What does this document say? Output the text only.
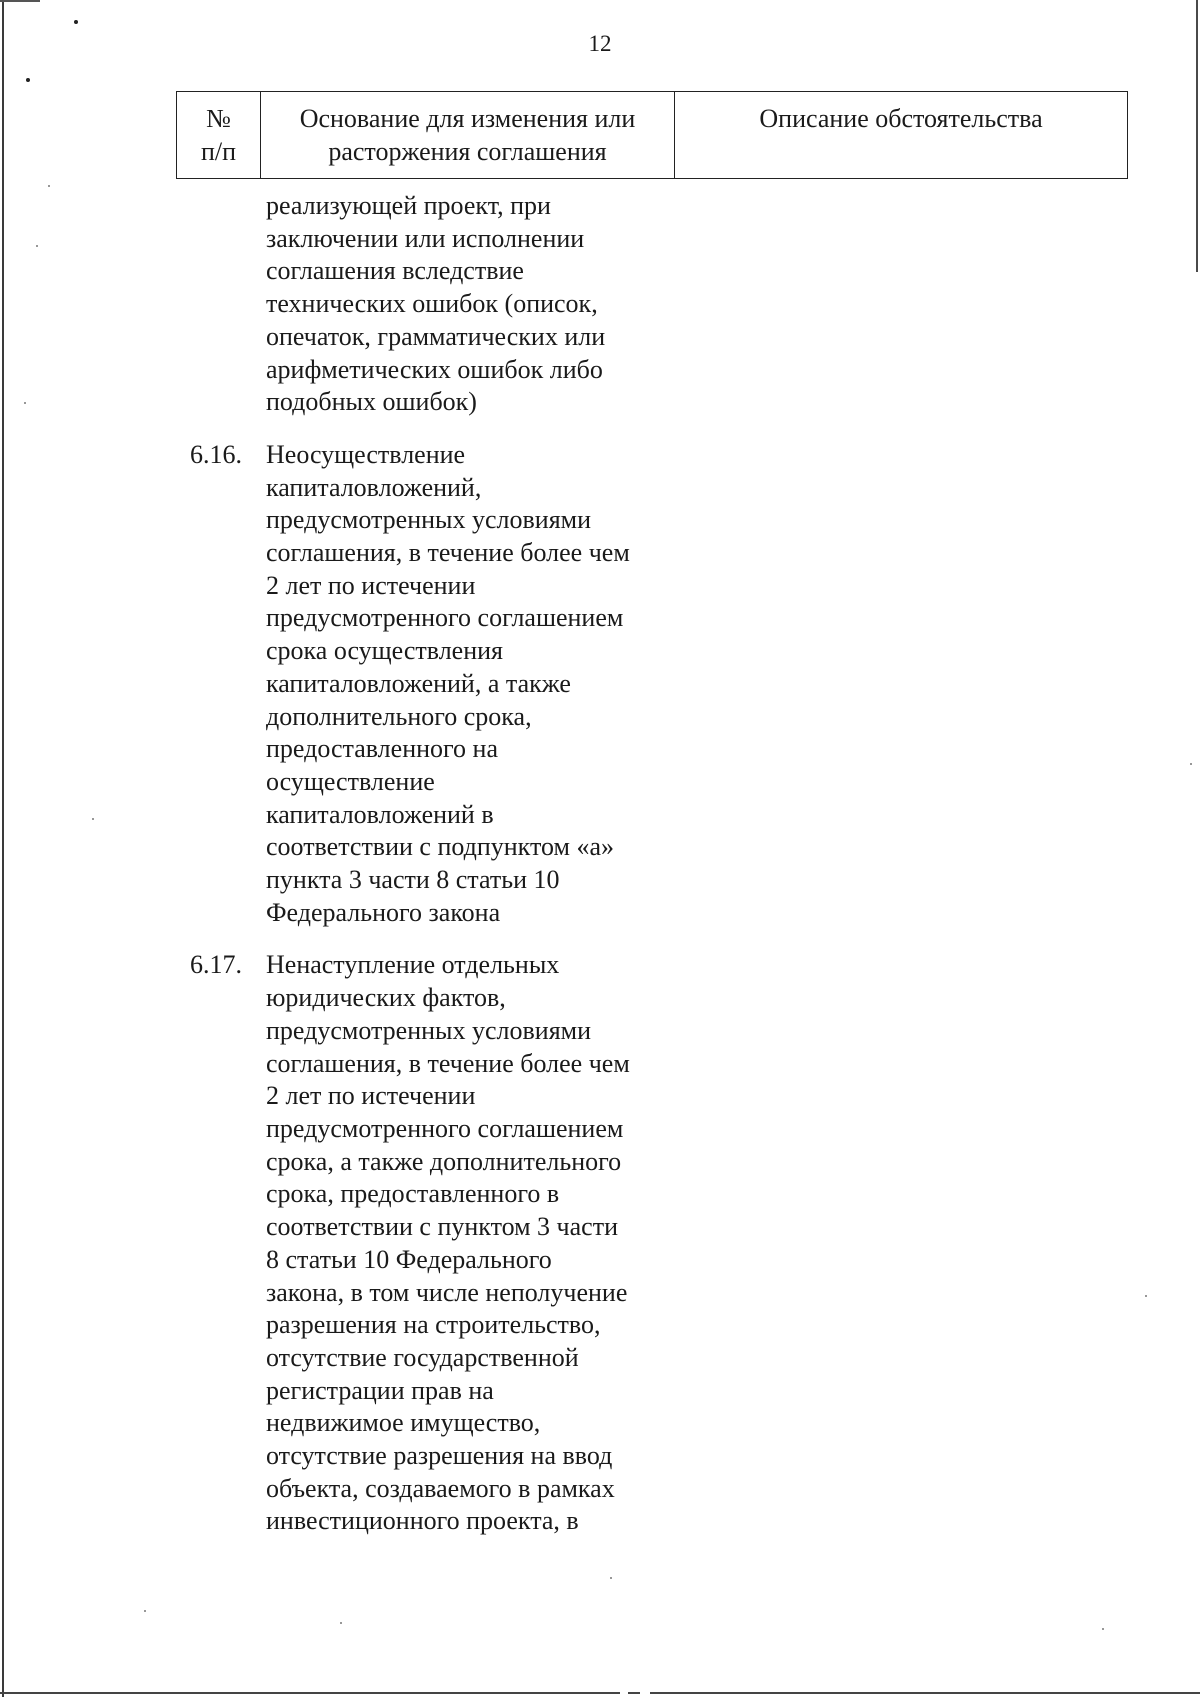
12
№
п/п
Основание для изменения или
расторжения соглашения
Описание обстоятельства
реализующей проект, при
заключении или исполнении
соглашения вследствие
технических ошибок (описок,
опечаток, грамматических или
арифметических ошибок либо
подобных ошибок)
6.16. Неосуществление
капиталовложений,
предусмотренных условиями
соглашения, в течение более чем
2 лет по истечении
предусмотренного соглашением
срока осуществления
капиталовложений, а также
дополнительного срока,
предоставленного на
осуществление
капиталовложений в
соответствии с подпунктом «а»
пункта 3 части 8 статьи 10
Федерального закона
6.17. Ненаступление отдельных
юридических фактов,
предусмотренных условиями
соглашения, в течение более чем
2 лет по истечении
предусмотренного соглашением
срока, а также дополнительного
срока, предоставленного в
соответствии с пунктом 3 части
8 статьи 10 Федерального
закона, в том числе неполучение
разрешения на строительство,
отсутствие государственной
регистрации прав на
недвижимое имущество,
отсутствие разрешения на ввод
объекта, создаваемого в рамках
инвестиционного проекта, в
